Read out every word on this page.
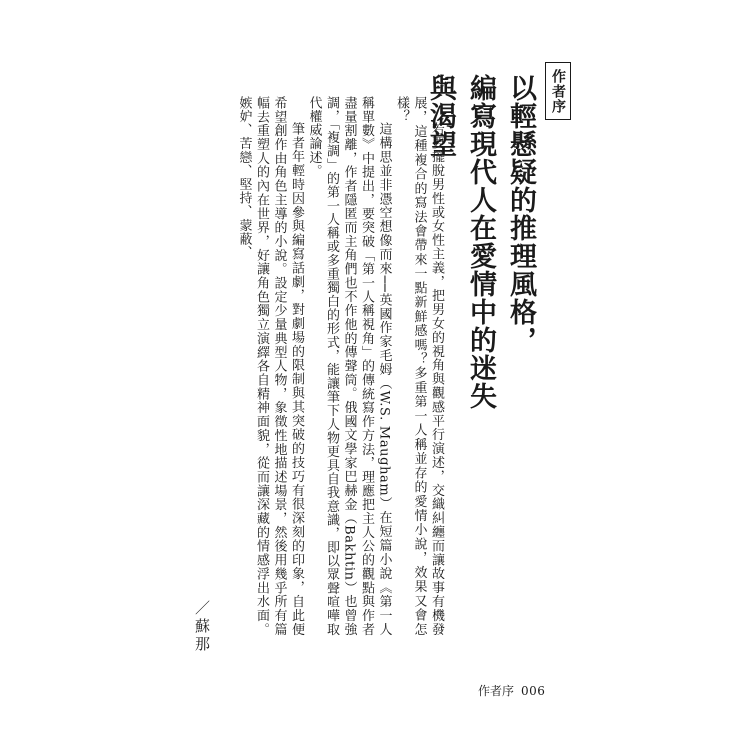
作者序
以輕懸疑的推理風格，
編寫現代人在愛情中的迷失與渴望

若要擺脫男性或女性主義，把男女的視角與觀感平行演述，交織糾纏而讓故事有機發展，這種複合的寫法會帶來一點新鮮感嗎？多重第一人稱並存的愛情小說，效果又會怎樣？

這構思並非憑空想像而來──英國作家毛姆（W.S. Maugham）在短篇小說《第一人稱單數》中提出，要突破「第一人稱視角」的傳統寫作方法，理應把主人公的觀點與作者盡量割離，作者隱匿而主角們也不作他的傳聲筒。俄國文學家巴赫金（Bakhtin）也曾強調，「複調」的第一人稱或多重獨白的形式，能讓筆下人物更具自我意識，即以眾聲喧嘩取代權威論述。

筆者年輕時因參與編寫話劇，對劇場的限制與其突破的技巧有很深刻的印象，自此便希望創作由角色主導的小說。設定少量典型人物，象徵性地描述場景，然後用幾乎所有篇幅去重塑人的內在世界，好讓角色獨立演繹各自精神面貌，從而讓深藏的情感浮出水面。嫉妒、苦戀、堅持、蒙蔽、

／蘇那
作者序 006
